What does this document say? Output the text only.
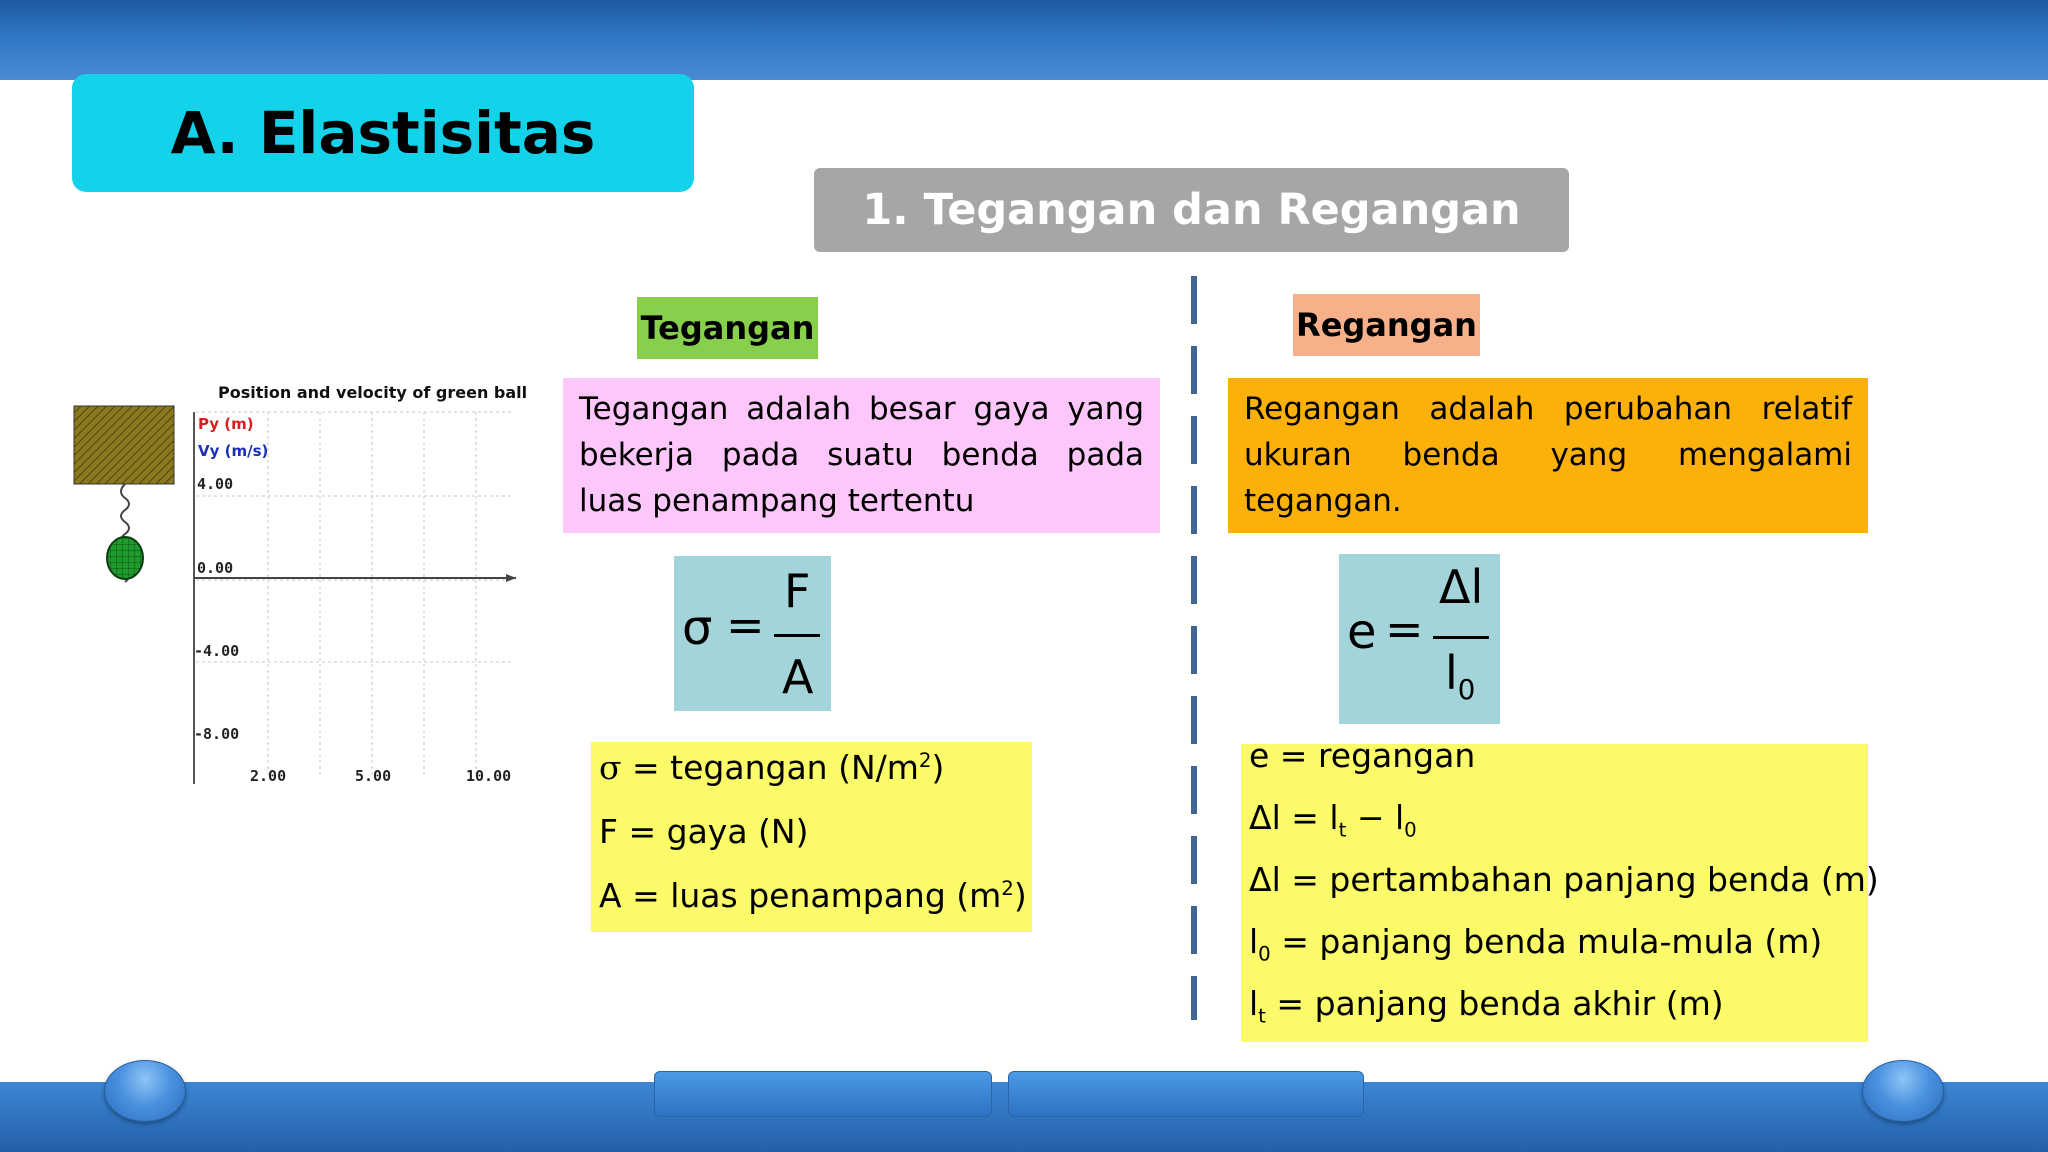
A. Elastisitas
1. Tegangan dan Regangan
Tegangan
Tegangan adalah besar gaya yang bekerja pada suatu benda pada luas penampang tertentu
σ =
F
A
σ = tegangan $(N/m^2)$
F = gaya (N)
A = luas penampang $(m^2)$
Regangan
Regangan adalah perubahan relatif ukuran benda yang mengalami tegangan.
e =
Δl
$l_0$
e = regangan
$\Delta l = l_t - l_0$
Δl = pertambahan panjang benda (m)
$l_0$ = panjang benda mula-mula (m)
$l_t$ = panjang benda akhir (m)
Position and velocity of green ball
Py (m)
Vy (m/s)
4.00
0.00
-4.00
-8.00
2.00	5.00	10.00
